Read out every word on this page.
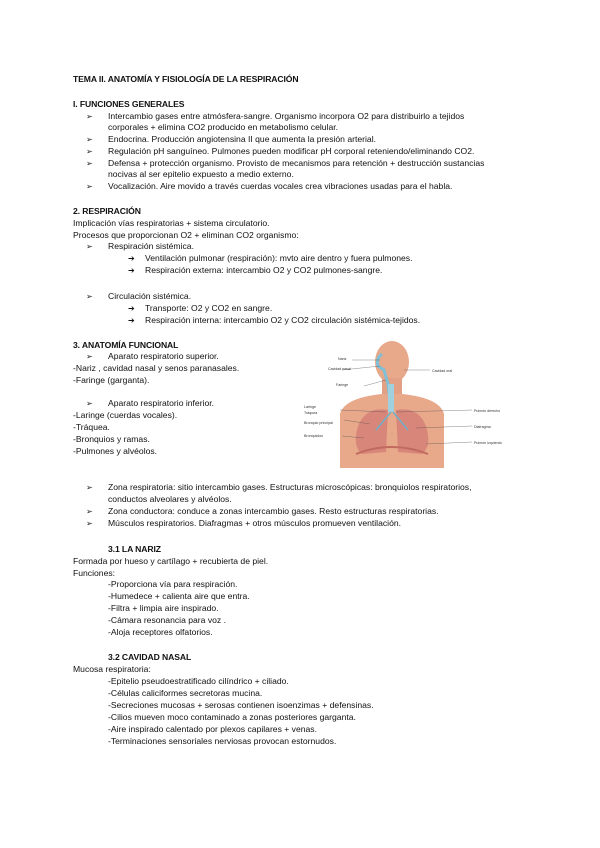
TEMA II. ANATOMÍA Y FISIOLOGÍA DE LA RESPIRACIÓN
I. FUNCIONES GENERALES
➢ Intercambio gases entre atmósfera-sangre. Organismo incorpora O2 para distribuirlo a tejidos
corporales + elimina CO2 producido en metabolismo celular.
➢ Endocrina. Producción angiotensina II que aumenta la presión arterial.
➢ Regulación pH sanguíneo. Pulmones pueden modificar pH corporal reteniendo/eliminando CO2.
➢ Defensa + protección organismo. Provisto de mecanismos para retención + destrucción sustancias
nocivas al ser epitelio expuesto a medio externo.
➢ Vocalización. Aire movido a través cuerdas vocales crea vibraciones usadas para el habla.
2. RESPIRACIÓN
Implicación vías respiratorias + sistema circulatorio.
Procesos que proporcionan O2 + eliminan CO2 organismo:
➢ Respiración sistémica.
➔ Ventilación pulmonar (respiración): mvto aire dentro y fuera pulmones.
➔ Respiración externa: intercambio O2 y CO2 pulmones-sangre.
➢ Circulación sistémica.
➔ Transporte: O2 y CO2 en sangre.
➔ Respiración interna: intercambio O2 y CO2 circulación sistémica-tejidos.
3. ANATOMÍA FUNCIONAL
➢ Aparato respiratorio superior.
-Nariz , cavidad nasal y senos paranasales.
-Faringe (garganta).
➢ Aparato respiratorio inferior.
-Laringe (cuerdas vocales).
-Tráquea.
-Bronquios y ramas.
-Pulmones y alvéolos.
Nariz
Cavidad nasal
Faringe
Laringe
Tráquea
Bronquio principal
Bronquiolos
Pulmón derecho
Diafragma
Pulmón izquierdo
Cavidad oral
➢ Zona respiratoria: sitio intercambio gases. Estructuras microscópicas: bronquiolos respiratorios,
conductos alveolares y alvéolos.
➢ Zona conductora: conduce a zonas intercambio gases. Resto estructuras respiratorias.
➢ Músculos respiratorios. Diafragmas + otros músculos promueven ventilación.
3.1 LA NARIZ
Formada por hueso y cartílago + recubierta de piel.
Funciones:
-Proporciona vía para respiración.
-Humedece + calienta aire que entra.
-Filtra + limpia aire inspirado.
-Cámara resonancia para voz .
-Aloja receptores olfatorios.
3.2 CAVIDAD NASAL
Mucosa respiratoria:
-Epitelio pseudoestratificado cilíndrico + ciliado.
-Células caliciformes secretoras mucina.
-Secreciones mucosas + serosas contienen isoenzimas + defensinas.
-Cilios mueven moco contaminado a zonas posteriores garganta.
-Aire inspirado calentado por plexos capilares + venas.
-Terminaciones sensoriales nerviosas provocan estornudos.
